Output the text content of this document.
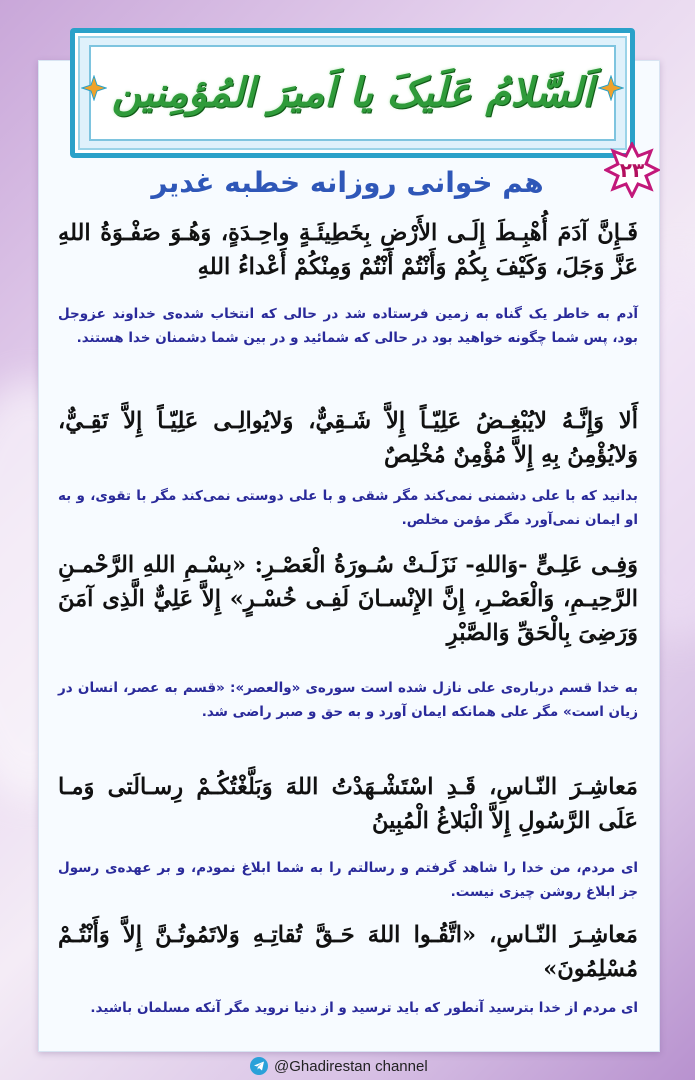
اَلسَّلامُ عَلَیکَ یا اَمیرَ المُؤمِنین
۲۳
هم خوانی روزانه خطبه غدیر
فَـإِنَّ آدَمَ أُهْبِـطَ إِلَـى الأَرْضِ بِخَطِيئَـةٍ واحِـدَةٍ، وَهُـوَ صَفْـوَةُ اللهِ عَزَّ وَجَلَ، وَكَيْفَ بِكُمْ وَأَنْتُمْ أَنْتُمْ وَمِنْكُمْ أَعْداءُ اللهِ
آدم به خاطر یک گناه به زمین فرستاده شد در حالی که انتخاب شده‌ی خداوند عزوجل بود، پس شما چگونه خواهید بود در حالی که شمائید و در بین شما دشمنان خدا هستند.
أَلا وَإِنَّـهُ لايُبْغِـضُ عَلِيّـاً إِلاَّ شَـقِيٌّ، وَلايُوالِـى عَلِيّـاً إِلاَّ تَقِـيٌّ، وَلايُؤْمِنُ بِهِ إِلاَّ مُؤْمِنٌ مُخْلِصٌ
بدانید که با علی دشمنی نمی‌کند مگر شقی و با علی دوستی نمی‌کند مگر با تقوی، و به او ایمان نمی‌آورد مگر مؤمن مخلص.
وَفِـى عَلِـىٍّ -وَاللهِ- نَزَلَـتْ سُـورَةُ الْعَصْـرِ: «بِسْـمِ اللهِ الرَّحْمـنِ الرَّحِيـمِ، وَالْعَصْـرِ، إِنَّ الإِنْسـانَ لَفِـى خُسْـرٍ» إِلاَّ عَلِيٌّ الَّذِى آمَنَ وَرَضِىَ بِالْحَقِّ وَالصَّبْرِ
به خدا قسم درباره‌ی علی نازل شده است سوره‌ی «والعصر»: «قسم به عصر، انسان در زیان است» مگر علی همانکه ایمان آورد و به حق و صبر راضی شد.
مَعاشِـرَ النّـاسِ، قَـدِ اسْتَشْـهَدْتُ اللهَ وَبَلَّغْتُكُـمْ رِسـالَتى وَمـا عَلَى الرَّسُولِ إِلاَّ الْبَلاغُ الْمُبِينُ
ای مردم، من خدا را شاهد گرفتم و رسالتم را به شما ابلاغ نمودم، و بر عهده‌ی رسول جز ابلاغ روشن چیزی نیست.
مَعاشِـرَ النّـاسِ، «اتَّقُـوا اللهَ حَـقَّ تُقاتِـهِ وَلاتَمُوتُـنَّ إِلاَّ وَأَنْتُـمْ مُسْلِمُونَ»
ای مردم از خدا بترسید آنطور که باید ترسید و از دنیا نروید مگر آنکه مسلمان باشید.
@Ghadirestan channel
